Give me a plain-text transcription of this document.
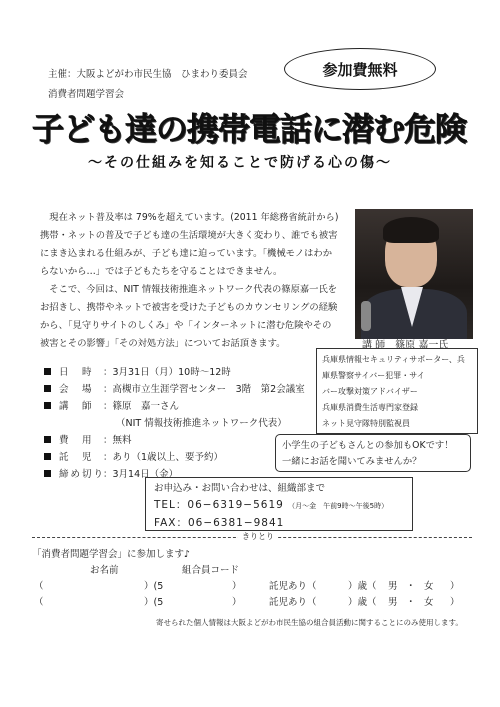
主催：大阪よどがわ市民生協　ひまわり委員会
消費者問題学習会
参加費無料
子ども達の携帯電話に潜む危険
〜その仕組みを知ることで防げる心の傷〜

現在ネット普及率は 79%を超えています。(2011 年総務省統計から) 携帯・ネットの普及で子ども達の生活環境が大きく変わり、誰でも被害にまき込まれる仕組みが、子ども達に迫っています。「機械モノはわからないから…」では子どもたちを守ることはできません。

そこで、今回は、NIT 情報技術推進ネットワーク代表の篠原嘉一氏をお招きし、携帯やネットで被害を受けた子どものカウンセリングの経験から、「見守りサイトのしくみ」や「インターネットに潜む危険やその被害とその影響」「その対処方法」についてお話頂きます。	講 師　篠原 嘉一氏
兵庫県情報セキュリティサポーター、兵
庫県警察サイバー犯罪・サイ
バー攻撃対策アドバイザー
兵庫県消費生活専門家登録
ネット見守隊特別監視員
日　時 ：3月31日（月）10時〜12時
会　場 ：高槻市立生涯学習センター　3階　第2会議室
講　師 ：篠原　嘉一さん
（NIT 情報技術推進ネットワーク代表）
費　用 ：無料
託　児 ：あり（1歳以上、要予約）
締め切り：3月14日（金）
小学生の子どもさんとの参加もOKです！
一緒にお話を聞いてみませんか？
お申込み・お問い合わせは、組織部まで
TEL：06−6319−5619 （月〜金　午前9時〜午後5時）
FAX：06−6381−9841
きりとり
「消費者問題学習会」に参加します♪
お名前	組合員コード
（	）(5	）	託児あり（	）歳（ 男 ・ 女 ）
（	）(5	）	託児あり（	）歳（ 男 ・ 女 ）
寄せられた個人情報は大阪よどがわ市民生協の組合員活動に関することにのみ使用します。
